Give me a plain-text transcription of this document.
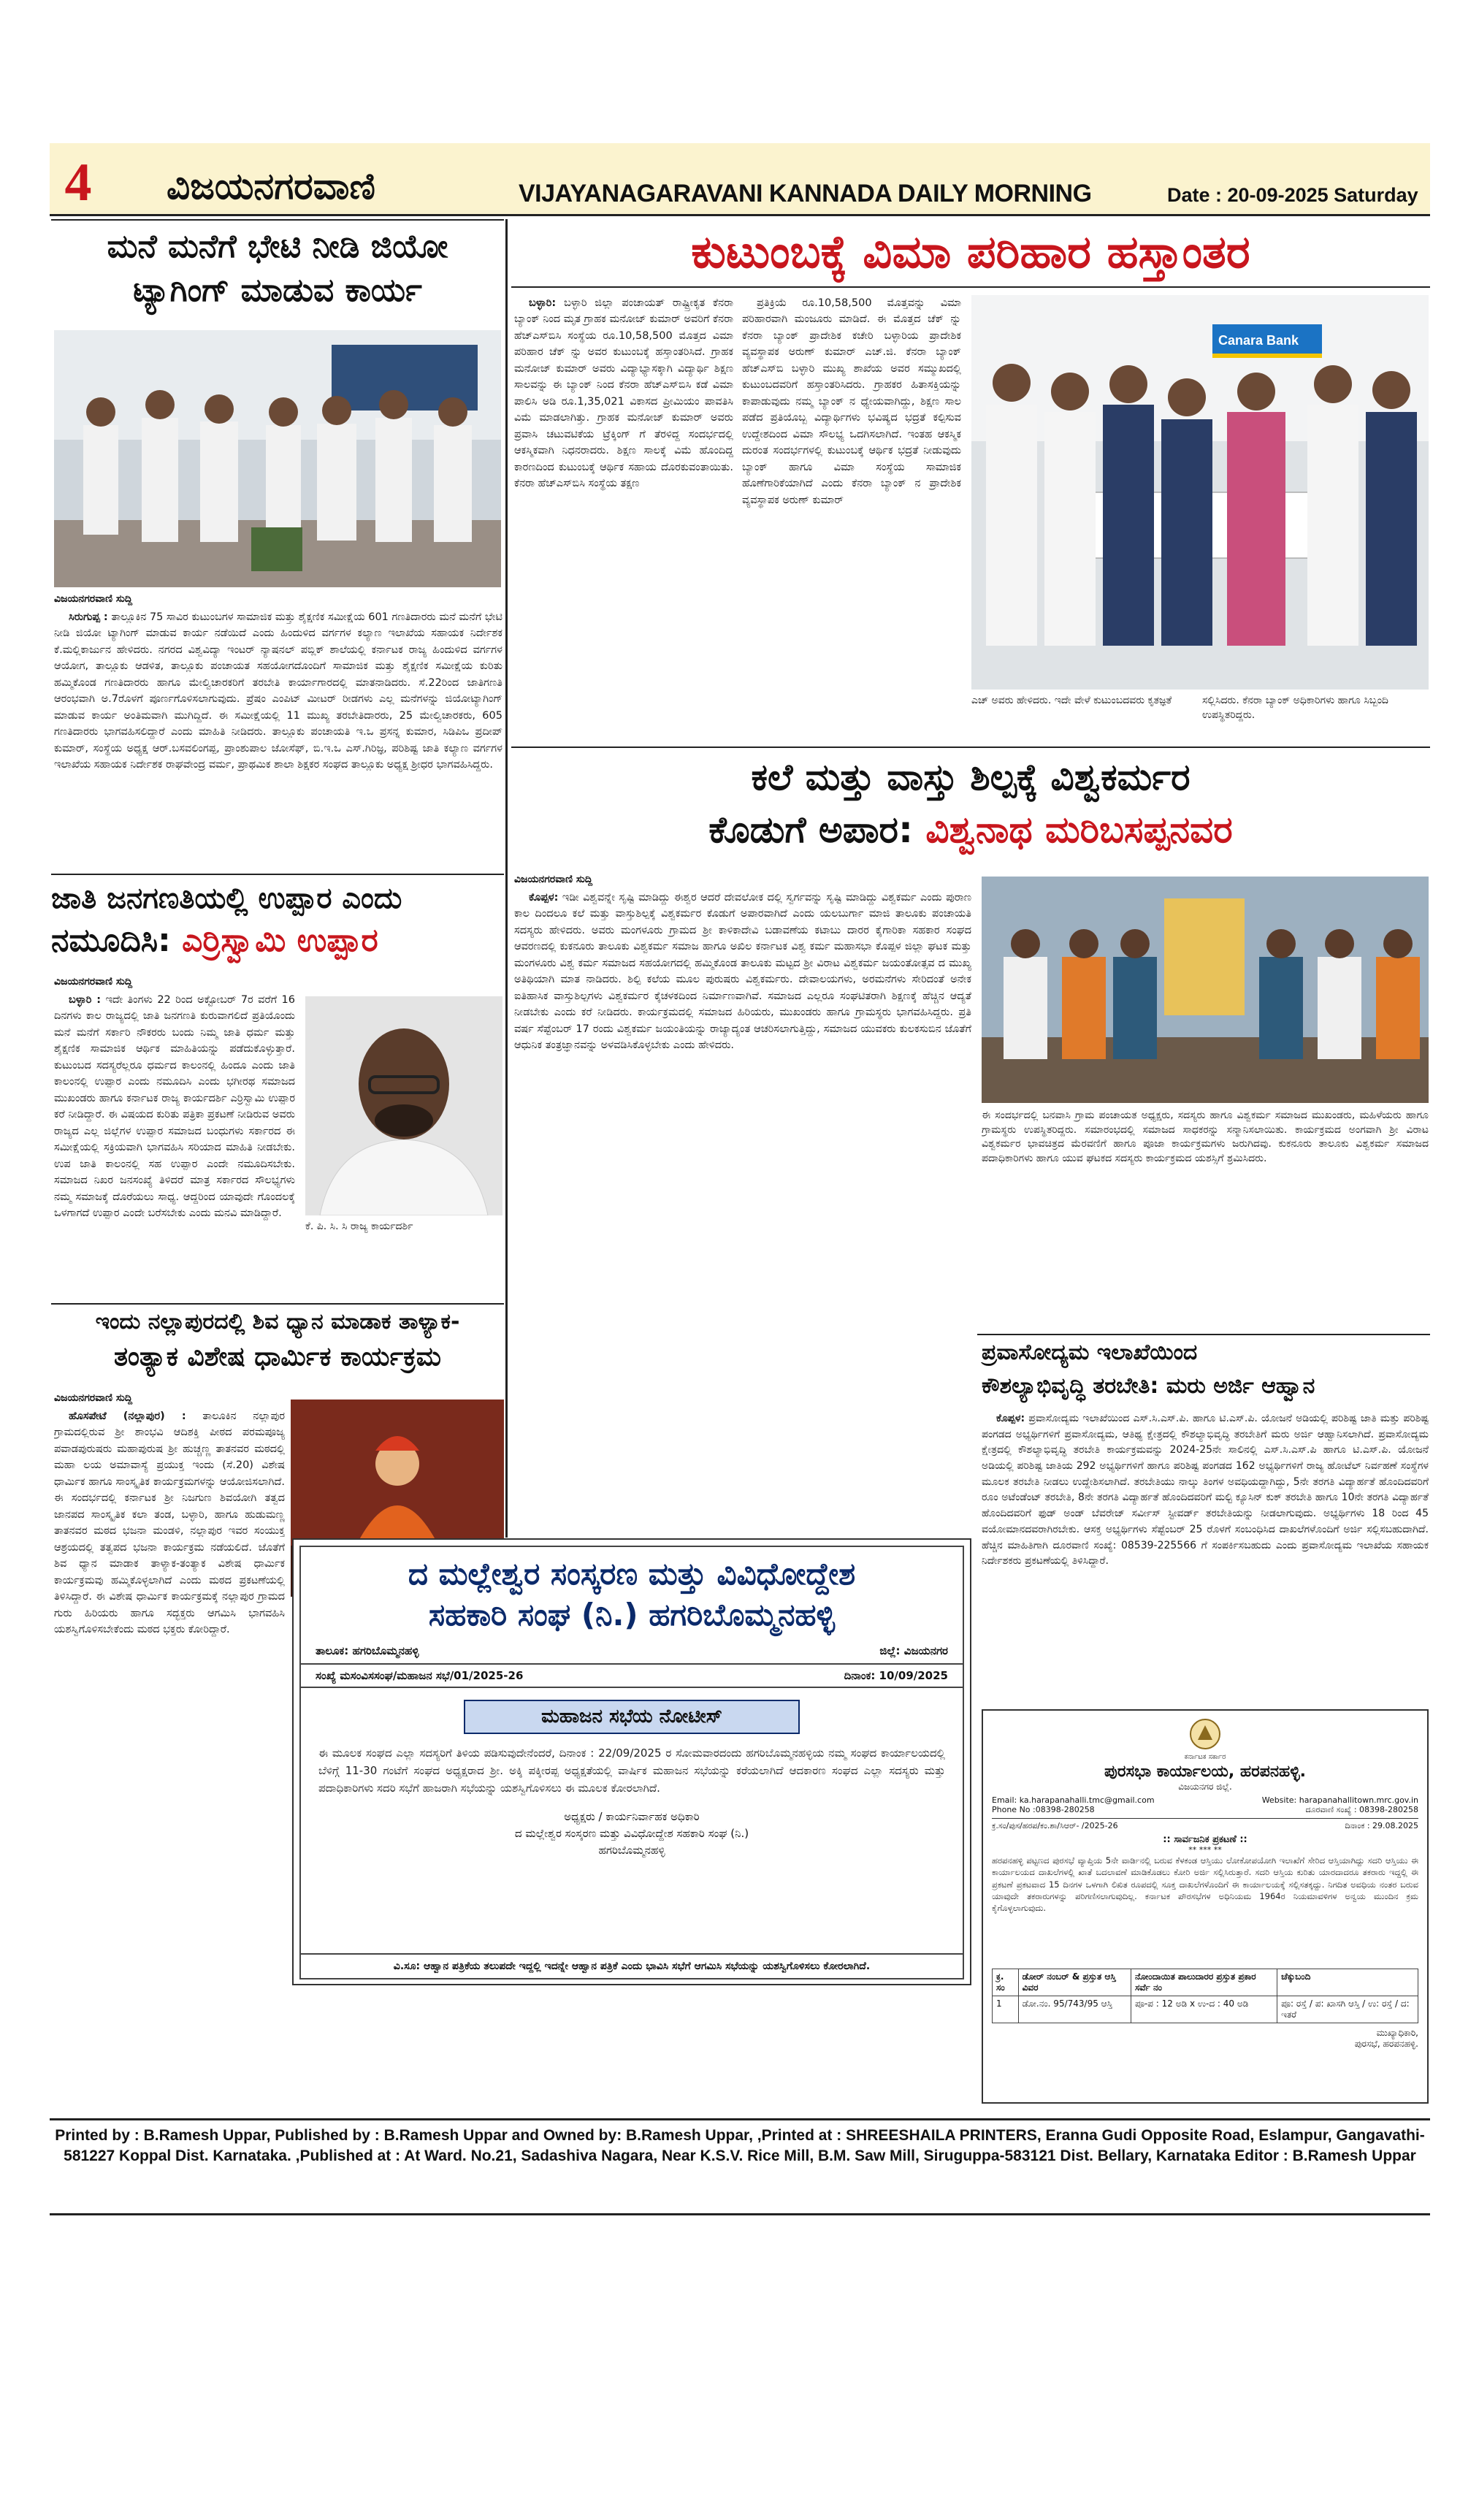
4	ವಿಜಯನಗರವಾಣಿ	VIJAYANAGARAVANI KANNADA DAILY MORNING	Date : 20-09-2025 Saturday
ಮನೆ ಮನೆಗೆ ಭೇಟಿ ನೀಡಿ ಜಿಯೋ
ಟ್ಯಾಗಿಂಗ್ ಮಾಡುವ ಕಾರ್ಯ
ವಿಜಯನಗರವಾಣಿ ಸುದ್ದಿ

ಸಿರುಗುಪ್ಪ : ತಾಲ್ಲೂಕಿನ 75 ಸಾವಿರ ಕುಟುಂಬಗಳ ಸಾಮಾಜಿಕ ಮತ್ತು ಶೈಕ್ಷಣಿಕ ಸಮೀಕ್ಷೆಯ 601 ಗಣತಿದಾರರು ಮನೆ ಮನೆಗೆ ಭೇಟಿ ನೀಡಿ ಜಿಯೋ ಟ್ಯಾಗಿಂಗ್ ಮಾಡುವ ಕಾರ್ಯ ನಡೆಯಿದೆ ಎಂದು ಹಿಂದುಳಿದ ವರ್ಗಗಳ ಕಲ್ಯಾಣ ಇಲಾಖೆಯ ಸಹಾಯಕ ನಿರ್ದೇಶಕ ಕೆ.ಮಲ್ಲಿಕಾರ್ಜುನ ಹೇಳಿದರು. ನಗರದ ವಿಶ್ವವಿದ್ಯಾ ಇಂಟರ್ ನ್ಯಾಷನಲ್ ಪಬ್ಲಿಕ್ ಶಾಲೆಯಲ್ಲಿ ಕರ್ನಾಟಕ ರಾಜ್ಯ ಹಿಂದುಳಿದ ವರ್ಗಗಳ ಆಯೋಗ, ತಾಲ್ಲೂಕು ಆಡಳಿತ, ತಾಲ್ಲೂಕು ಪಂಚಾಯತ ಸಹಯೋಗದೊಂದಿಗೆ ಸಾಮಾಜಿಕ ಮತ್ತು ಶೈಕ್ಷಣಿಕ ಸಮೀಕ್ಷೆಯ ಕುರಿತು ಹಮ್ಮಿಕೊಂಡ ಗಣತಿದಾರರು ಹಾಗೂ ಮೇಲ್ವಿಚಾರಕರಿಗೆ ತರಬೇತಿ ಕಾರ್ಯಾಗಾರದಲ್ಲಿ ಮಾತನಾಡಿದರು. ಸೆ.22ರಿಂದ ಜಾತಿಗಣತಿ ಆರಂಭವಾಗಿ ಅ.7ರೊಳಗೆ ಪೂರ್ಣಗೊಳಿಸಲಾಗುವುದು. ಪ್ರೆಷಂ ಎಂಪಿಟ್ ಮೀಟರ್ ರೀಡಗಳು ಎಲ್ಲ ಮನೆಗಳನ್ನು ಜಿಯೋಟ್ಯಾಗಿಂಗ್ ಮಾಡುವ ಕಾರ್ಯ ಅಂತಿಮವಾಗಿ ಮುಗಿದ್ದಿದೆ. ಈ ಸಮೀಕ್ಷೆಯಲ್ಲಿ 11 ಮುಖ್ಯ ತರಬೇತಿದಾರರು, 25 ಮೇಲ್ವಿಚಾರಕರು, 605 ಗಣತಿದಾರರು ಭಾಗವಹಿಸಲಿದ್ದಾರೆ ಎಂದು ಮಾಹಿತಿ ನೀಡಿದರು. ತಾಲ್ಲೂಕು ಪಂಚಾಯತಿ ಇ.ಒ ಪ್ರಸನ್ನ ಕುಮಾರ, ಸಿಡಿಪಿಒ ಪ್ರದೀಪ್ ಕುಮಾರ್, ಸಂಸ್ಥೆಯ ಅಧ್ಯಕ್ಷ ಆರ್.ಬಸವಲಿಂಗಪ್ಪ, ಪ್ರಾಂಶುಪಾಲ ಜೋಸೆಫ್, ಬಿ.ಇ.ಒ ಎಸ್.ಗಿರಿಜ್ಞ, ಪರಿಶಿಷ್ಟ ಜಾತಿ ಕಲ್ಯಾಣ ವರ್ಗಗಳ ಇಲಾಖೆಯ ಸಹಾಯಕ ನಿರ್ದೇಶಕ ರಾಘವೇಂದ್ರ ವರ್ಮ, ಪ್ರಾಥಮಿಕ ಶಾಲಾ ಶಿಕ್ಷಕರ ಸಂಘದ ತಾಲ್ಲೂಕು ಅಧ್ಯಕ್ಷ ಶ್ರೀಧರ ಭಾಗವಹಿಸಿದ್ದರು.

ಜಾತಿ ಜನಗಣತಿಯಲ್ಲಿ ಉಪ್ಪಾರ ಎಂದು
ನಮೂದಿಸಿ: ಎರ್ರಿಸ್ವಾಮಿ ಉಪ್ಪಾರ
ವಿಜಯನಗರವಾಣಿ ಸುದ್ದಿ

ಬಳ್ಳಾರಿ : ಇದೇ ತಿಂಗಳು 22 ರಿಂದ ಅಕ್ಟೋಬರ್ 7ರ ವರೆಗೆ 16 ದಿನಗಳು ಕಾಲ ರಾಜ್ಯದಲ್ಲಿ ಜಾತಿ ಜನಗಣತಿ ಕುರುವಾಗಲಿದೆ ಪ್ರತಿಯೊಂದು ಮನೆ ಮನೆಗೆ ಸರ್ಕಾರಿ ನೌಕರರು ಬಂದು ನಿಮ್ಮ ಜಾತಿ ಧರ್ಮ ಮತ್ತು ಶೈಕ್ಷಣಿಕ ಸಾಮಾಜಿಕ ಆರ್ಥಿಕ ಮಾಹಿತಿಯನ್ನು ಪಡೆದುಕೊಳ್ಳುತ್ತಾರೆ. ಕುಟುಂಬದ ಸದಸ್ಯರೆಲ್ಲರೂ ಧರ್ಮದ ಕಾಲಂನಲ್ಲಿ ಹಿಂದೂ ಎಂದು ಜಾತಿ ಕಾಲಂನಲ್ಲಿ ಉಪ್ಪಾರ ಎಂದು ನಮೂದಿಸಿ ಎಂದು ಭಗೀರಥ ಸಮಾಜದ ಮುಖಂಡರು ಹಾಗೂ ಕರ್ನಾಟಕ ರಾಜ್ಯ ಕಾರ್ಯದರ್ಶಿ ಎರ್ರಿಸ್ವಾಮಿ ಉಪ್ಪಾರ ಕರೆ ನೀಡಿದ್ದಾರೆ. ಈ ವಿಷಯದ ಕುರಿತು ಪತ್ರಿಕಾ ಪ್ರಕಟಣೆ ನೀಡಿರುವ ಅವರು ರಾಜ್ಯದ ಎಲ್ಲ ಜಿಲ್ಲೆಗಳ ಉಪ್ಪಾರ ಸಮಾಜದ ಬಂಧುಗಳು ಸರ್ಕಾರದ ಈ ಸಮೀಕ್ಷೆಯಲ್ಲಿ ಸಕ್ರಿಯವಾಗಿ ಭಾಗವಹಿಸಿ ಸರಿಯಾದ ಮಾಹಿತಿ ನೀಡಬೇಕು. ಉಪ ಜಾತಿ ಕಾಲಂನಲ್ಲಿ ಸಹ ಉಪ್ಪಾರ ಎಂದೇ ನಮೂದಿಸಬೇಕು. ಸಮಾಜದ ನಿಖರ ಜನಸಂಖ್ಯೆ ತಿಳಿದರೆ ಮಾತ್ರ ಸರ್ಕಾರದ ಸೌಲಭ್ಯಗಳು ನಮ್ಮ ಸಮಾಜಕ್ಕೆ ದೊರೆಯಲು ಸಾಧ್ಯ. ಆದ್ದರಿಂದ ಯಾವುದೇ ಗೊಂದಲಕ್ಕೆ ಒಳಗಾಗದೆ ಉಪ್ಪಾರ ಎಂದೇ ಬರೆಸಬೇಕು ಎಂದು ಮನವಿ ಮಾಡಿದ್ದಾರೆ.

ಕೆ. ಪಿ. ಸಿ. ಸಿ ರಾಜ್ಯ ಕಾರ್ಯದರ್ಶಿ
ಇಂದು ನಲ್ಲಾಪುರದಲ್ಲಿ ಶಿವ ಧ್ಯಾನ ಮಾಡಾಕ ತಾಳ್ಯಾಕ-
ತಂತ್ಯಾಕ ವಿಶೇಷ ಧಾರ್ಮಿಕ ಕಾರ್ಯಕ್ರಮ
ವಿಜಯನಗರವಾಣಿ ಸುದ್ದಿ

ಹೊಸಪೇಟೆ (ನಲ್ಲಾಪುರ) : ತಾಲೂಕಿನ ನಲ್ಲಾಪುರ ಗ್ರಾಮದಲ್ಲಿರುವ ಶ್ರೀ ಶಾಂಭವಿ ಆದಿಶಕ್ತಿ ಪೀಠದ ಪರಮಪೂಜ್ಯ ಪವಾಡಪುರುಷರು ಮಹಾಪುರುಷ ಶ್ರೀ ಹುಚ್ಚಣ್ಣ ತಾತನವರ ಮಠದಲ್ಲಿ ಮಹಾ ಲಯ ಅಮಾವಾಸ್ಯೆ ಪ್ರಯುಕ್ತ ಇಂದು (ಸೆ.20) ವಿಶೇಷ ಧಾರ್ಮಿಕ ಹಾಗೂ ಸಾಂಸ್ಕೃತಿಕ ಕಾರ್ಯಕ್ರಮಗಳನ್ನು ಆಯೋಜಿಸಲಾಗಿದೆ. ಈ ಸಂದರ್ಭದಲ್ಲಿ ಕರ್ನಾಟಕ ಶ್ರೀ ನಿಜಗುಣ ಶಿವಯೋಗಿ ತತ್ವದ ಜಾನಪದ ಸಾಂಸ್ಕೃತಿಕ ಕಲಾ ತಂಡ, ಬಳ್ಳಾರಿ, ಹಾಗೂ ಹುಡುಮಣ್ಣ ತಾತನವರ ಮಠದ ಭಜನಾ ಮಂಡಳಿ, ನಲ್ಲಾಪುರ ಇವರ ಸಂಯುಕ್ತ ಆಶ್ರಯದಲ್ಲಿ ತತ್ವಪದ ಭಜನಾ ಕಾರ್ಯಕ್ರಮ ನಡೆಯಲಿದೆ. ಜೊತೆಗೆ ಶಿವ ಧ್ಯಾನ ಮಾಡಾಕ ತಾಳ್ಯಾಕ-ತಂತ್ಯಾಕ ವಿಶೇಷ ಧಾರ್ಮಿಕ ಕಾರ್ಯಕ್ರಮವು ಹಮ್ಮಿಕೊಳ್ಳಲಾಗಿದೆ ಎಂದು ಮಠದ ಪ್ರಕಟಣೆಯಲ್ಲಿ ತಿಳಿಸಿದ್ದಾರೆ. ಈ ವಿಶೇಷ ಧಾರ್ಮಿಕ ಕಾರ್ಯಕ್ರಮಕ್ಕೆ ನಲ್ಲಾಪುರ ಗ್ರಾಮದ ಗುರು ಹಿರಿಯರು ಹಾಗೂ ಸದ್ಭಕ್ತರು ಆಗಮಿಸಿ ಭಾಗವಹಿಸಿ ಯಶಸ್ವಿಗೊಳಿಸಬೇಕೆಂದು ಮಠದ ಭಕ್ತರು ಕೋರಿದ್ದಾರೆ.

ಕುಟುಂಬಕ್ಕೆ ವಿಮಾ ಪರಿಹಾರ ಹಸ್ತಾಂತರ

ಬಳ್ಳಾರಿ: ಬಳ್ಳಾರಿ ಜಿಲ್ಲಾ ಪಂಚಾಯತ್ ರಾಷ್ಟ್ರೀಕೃತ ಕೆನರಾ ಬ್ಯಾಂಕ್ ನಿಂದ ಮೃತ ಗ್ರಾಹಕ ಮನೋಜ್ ಕುಮಾರ್ ಅವರಿಗೆ ಕೆನರಾ ಹೆಚ್‌ಎಸ್‌ಬಿಸಿ ಸಂಸ್ಥೆಯ ರೂ.10,58,500 ಮೊತ್ತದ ವಿಮಾ ಪರಿಹಾರ ಚೆಕ್ ನ್ನು ಅವರ ಕುಟುಂಬಕ್ಕೆ ಹಸ್ತಾಂತರಿಸಿದೆ. ಗ್ರಾಹಕ ಮನೋಜ್ ಕುಮಾರ್ ಅವರು ವಿದ್ಯಾಭ್ಯಾಸಕ್ಕಾಗಿ ವಿದ್ಯಾರ್ಥಿ ಶಿಕ್ಷಣ ಸಾಲವನ್ನು ಈ ಬ್ಯಾಂಕ್ ನಿಂದ ಕೆನರಾ ಹೆಚ್‌ಎಸ್‌ಬಿಸಿ ಕಡೆ ವಿಮಾ ಪಾಲಿಸಿ ಅಡಿ ರೂ.1,35,021 ವಿಕಾಸದ ಪ್ರೀಮಿಯಂ ಪಾವತಿಸಿ ವಿಮೆ ಮಾಡಲಾಗಿತ್ತು. ಗ್ರಾಹಕ ಮನೋಜ್ ಕುಮಾರ್ ಅವರು ಪ್ರವಾಸಿ ಚಟುವಟಿಕೆಯ ಟ್ರೆಕ್ಕಿಂಗ್ ಗೆ ತೆರಳಿದ್ದ ಸಂದರ್ಭದಲ್ಲಿ ಆಕಸ್ಮಿಕವಾಗಿ ನಿಧನರಾದರು. ಶಿಕ್ಷಣ ಸಾಲಕ್ಕೆ ವಿಮೆ ಹೊಂದಿದ್ದ ಕಾರಣದಿಂದ ಕುಟುಂಬಕ್ಕೆ ಆರ್ಥಿಕ ಸಹಾಯ ದೊರಕುವಂತಾಯಿತು. ಕೆನರಾ ಹೆಚ್‌ಎಸ್‌ಬಿಸಿ ಸಂಸ್ಥೆಯ ತಕ್ಷಣ

ಪ್ರತಿಕ್ರಿಯೆ ರೂ.10,58,500 ಮೊತ್ತವನ್ನು ವಿಮಾ ಪರಿಹಾರವಾಗಿ ಮಂಜೂರು ಮಾಡಿದೆ. ಈ ಮೊತ್ತದ ಚೆಕ್ ನ್ನು ಕೆನರಾ ಬ್ಯಾಂಕ್ ಪ್ರಾದೇಶಿಕ ಕಚೇರಿ ಬಳ್ಳಾರಿಯ ಪ್ರಾದೇಶಿಕ ವ್ಯವಸ್ಥಾಪಕ ಅರುಣ್ ಕುಮಾರ್ ಎಚ್.ಜಿ. ಕೆನರಾ ಬ್ಯಾಂಕ್ ಹೆಚ್‌ಎಸ್‌ಬಿ ಬಳ್ಳಾರಿ ಮುಖ್ಯ ಶಾಖೆಯ ಅವರ ಸಮ್ಮುಖದಲ್ಲಿ ಕುಟುಂಬದವರಿಗೆ ಹಸ್ತಾಂತರಿಸಿದರು. ಗ್ರಾಹಕರ ಹಿತಾಸಕ್ತಿಯನ್ನು ಕಾಪಾಡುವುದು ನಮ್ಮ ಬ್ಯಾಂಕ್ ನ ಧ್ಯೇಯವಾಗಿದ್ದು, ಶಿಕ್ಷಣ ಸಾಲ ಪಡೆದ ಪ್ರತಿಯೊಬ್ಬ ವಿದ್ಯಾರ್ಥಿಗಳು ಭವಿಷ್ಯದ ಭದ್ರತೆ ಕಲ್ಪಿಸುವ ಉದ್ದೇಶದಿಂದ ವಿಮಾ ಸೌಲಭ್ಯ ಒದಗಿಸಲಾಗಿದೆ. ಇಂತಹ ಆಕಸ್ಮಿಕ ದುರಂತ ಸಂದರ್ಭಗಳಲ್ಲಿ ಕುಟುಂಬಕ್ಕೆ ಆರ್ಥಿಕ ಭದ್ರತೆ ನೀಡುವುದು ಬ್ಯಾಂಕ್ ಹಾಗೂ ವಿಮಾ ಸಂಸ್ಥೆಯ ಸಾಮಾಜಿಕ ಹೊಣೆಗಾರಿಕೆಯಾಗಿದೆ ಎಂದು ಕೆನರಾ ಬ್ಯಾಂಕ್ ನ ಪ್ರಾದೇಶಿಕ ವ್ಯವಸ್ಥಾಪಕ ಅರುಣ್ ಕುಮಾರ್

Canara Bank
ಎಚ್ ಅವರು ಹೇಳಿದರು. ಇದೇ ವೇಳೆ ಕುಟುಂಬದವರು ಕೃತಜ್ಞತೆ	ಸಲ್ಲಿಸಿದರು. ಕೆನರಾ ಬ್ಯಾಂಕ್ ಅಧಿಕಾರಿಗಳು ಹಾಗೂ ಸಿಬ್ಬಂದಿ ಉಪಸ್ಥಿತರಿದ್ದರು.
ಕಲೆ ಮತ್ತು ವಾಸ್ತು ಶಿಲ್ಪಕ್ಕೆ ವಿಶ್ವಕರ್ಮರ
ಕೊಡುಗೆ ಅಪಾರ: ವಿಶ್ವನಾಥ ಮರಿಬಸಪ್ಪನವರ
ವಿಜಯನಗರವಾಣಿ ಸುದ್ದಿ

ಕೊಪ್ಪಳ: ಇಡೀ ವಿಶ್ವವನ್ನೇ ಸೃಷ್ಟಿ ಮಾಡಿದ್ದು ಈಶ್ವರ ಆದರೆ ದೇವಲೋಕ ದಲ್ಲಿ ಸ್ವರ್ಗವನ್ನು ಸೃಷ್ಟಿ ಮಾಡಿದ್ದು ವಿಶ್ವಕರ್ಮ ಎಂದು ಪುರಾಣ ಕಾಲ ದಿಂದಲೂ ಕಲೆ ಮತ್ತು ವಾಸ್ತುಶಿಲ್ಪಕ್ಕೆ ವಿಶ್ವಕರ್ಮರ ಕೊಡುಗೆ ಅಪಾರವಾಗಿದೆ ಎಂದು ಯಲಬುರ್ಗಾ ಮಾಜಿ ತಾಲೂಕು ಪಂಚಾಯತಿ ಸದಸ್ಯರು ಹೇಳಿದರು. ಅವರು ಮಂಗಳೂರು ಗ್ರಾಮದ ಶ್ರೀ ಕಾಳಿಕಾದೇವಿ ಬಡಾವಣೆಯ ಕಟಾಬು ದಾರರ ಕೈಗಾರಿಕಾ ಸಹಕಾರ ಸಂಘದ ಆವರಣದಲ್ಲಿ ಕುಕನೂರು ತಾಲೂಕು ವಿಶ್ವಕರ್ಮ ಸಮಾಜ ಹಾಗೂ ಅಖಿಲ ಕರ್ನಾಟಕ ವಿಶ್ವ ಕರ್ಮ ಮಹಾಸಭಾ ಕೊಪ್ಪಳ ಜಿಲ್ಲಾ ಘಟಕ ಮತ್ತು ಮಂಗಳೂರು ವಿಶ್ವ ಕರ್ಮ ಸಮಾಜದ ಸಹಯೋಗದಲ್ಲಿ ಹಮ್ಮಿಕೊಂಡ ತಾಲೂಕು ಮಟ್ಟದ ಶ್ರೀ ವಿರಾಟ ವಿಶ್ವಕರ್ಮ ಜಯಂತೋತ್ಸವ ದ ಮುಖ್ಯ ಅತಿಥಿಯಾಗಿ ಮಾತ ನಾಡಿದರು. ಶಿಲ್ಪಿ ಕಲೆಯ ಮೂಲ ಪುರುಷರು ವಿಶ್ವಕರ್ಮರು. ದೇವಾಲಯಗಳು, ಅರಮನೆಗಳು ಸೇರಿದಂತೆ ಅನೇಕ ಐತಿಹಾಸಿಕ ವಾಸ್ತುಶಿಲ್ಪಗಳು ವಿಶ್ವಕರ್ಮರ ಕೈಚಳಕದಿಂದ ನಿರ್ಮಾಣವಾಗಿವೆ. ಸಮಾಜದ ಎಲ್ಲರೂ ಸಂಘಟಿತರಾಗಿ ಶಿಕ್ಷಣಕ್ಕೆ ಹೆಚ್ಚಿನ ಆದ್ಯತೆ ನೀಡಬೇಕು ಎಂದು ಕರೆ ನೀಡಿದರು. ಕಾರ್ಯಕ್ರಮದಲ್ಲಿ ಸಮಾಜದ ಹಿರಿಯರು, ಮುಖಂಡರು ಹಾಗೂ ಗ್ರಾಮಸ್ಥರು ಭಾಗವಹಿಸಿದ್ದರು. ಪ್ರತಿ ವರ್ಷ ಸೆಪ್ಟೆಂಬರ್ 17 ರಂದು ವಿಶ್ವಕರ್ಮ ಜಯಂತಿಯನ್ನು ರಾಜ್ಯಾದ್ಯಂತ ಆಚರಿಸಲಾಗುತ್ತಿದ್ದು, ಸಮಾಜದ ಯುವಕರು ಕುಲಕಸುಬಿನ ಜೊತೆಗೆ ಆಧುನಿಕ ತಂತ್ರಜ್ಞಾನವನ್ನು ಅಳವಡಿಸಿಕೊಳ್ಳಬೇಕು ಎಂದು ಹೇಳಿದರು.

ಈ ಸಂದರ್ಭದಲ್ಲಿ ಬನವಾಸಿ ಗ್ರಾಮ ಪಂಚಾಯತ ಅಧ್ಯಕ್ಷರು, ಸದಸ್ಯರು ಹಾಗೂ ವಿಶ್ವಕರ್ಮ ಸಮಾಜದ ಮುಖಂಡರು, ಮಹಿಳೆಯರು ಹಾಗೂ ಗ್ರಾಮಸ್ಥರು ಉಪಸ್ಥಿತರಿದ್ದರು. ಸಮಾರಂಭದಲ್ಲಿ ಸಮಾಜದ ಸಾಧಕರನ್ನು ಸನ್ಮಾನಿಸಲಾಯಿತು. ಕಾರ್ಯಕ್ರಮದ ಅಂಗವಾಗಿ ಶ್ರೀ ವಿರಾಟ ವಿಶ್ವಕರ್ಮರ ಭಾವಚಿತ್ರದ ಮೆರವಣಿಗೆ ಹಾಗೂ ಪೂಜಾ ಕಾರ್ಯಕ್ರಮಗಳು ಜರುಗಿದವು. ಕುಕನೂರು ತಾಲೂಕು ವಿಶ್ವಕರ್ಮ ಸಮಾಜದ ಪದಾಧಿಕಾರಿಗಳು ಹಾಗೂ ಯುವ ಘಟಕದ ಸದಸ್ಯರು ಕಾರ್ಯಕ್ರಮದ ಯಶಸ್ಸಿಗೆ ಶ್ರಮಿಸಿದರು.
ಪ್ರವಾಸೋದ್ಯಮ ಇಲಾಖೆಯಿಂದ
ಕೌಶಲ್ಯಾಭಿವೃದ್ಧಿ ತರಬೇತಿ: ಮರು ಅರ್ಜಿ ಆಹ್ವಾನ

ಕೊಪ್ಪಳ: ಪ್ರವಾಸೋದ್ಯಮ ಇಲಾಖೆಯಿಂದ ಎಸ್.ಸಿ.ಎಸ್.ಪಿ. ಹಾಗೂ ಟಿ.ಎಸ್.ಪಿ. ಯೋಜನೆ ಅಡಿಯಲ್ಲಿ ಪರಿಶಿಷ್ಟ ಜಾತಿ ಮತ್ತು ಪರಿಶಿಷ್ಟ ಪಂಗಡದ ಅಭ್ಯರ್ಥಿಗಳಿಗೆ ಪ್ರವಾಸೋದ್ಯಮ, ಆತಿಥ್ಯ ಕ್ಷೇತ್ರದಲ್ಲಿ ಕೌಶಲ್ಯಾಭಿವೃದ್ಧಿ ತರಬೇತಿಗೆ ಮರು ಅರ್ಜಿ ಆಹ್ವಾನಿಸಲಾಗಿದೆ. ಪ್ರವಾಸೋದ್ಯಮ ಕ್ಷೇತ್ರದಲ್ಲಿ ಕೌಶಲ್ಯಾಭಿವೃದ್ಧಿ ತರಬೇತಿ ಕಾರ್ಯಕ್ರಮವನ್ನು 2024-25ನೇ ಸಾಲಿನಲ್ಲಿ ಎಸ್.ಸಿ.ಎಸ್.ಪಿ ಹಾಗೂ ಟಿ.ಎಸ್.ಪಿ. ಯೋಜನೆ ಅಡಿಯಲ್ಲಿ ಪರಿಶಿಷ್ಟ ಜಾತಿಯ 292 ಅಭ್ಯರ್ಥಿಗಳಿಗೆ ಹಾಗೂ ಪರಿಶಿಷ್ಟ ಪಂಗಡದ 162 ಅಭ್ಯರ್ಥಿಗಳಿಗೆ ರಾಜ್ಯ ಹೋಟೆಲ್ ನಿರ್ವಹಣೆ ಸಂಸ್ಥೆಗಳ ಮೂಲಕ ತರಬೇತಿ ನೀಡಲು ಉದ್ದೇಶಿಸಲಾಗಿದೆ. ತರಬೇತಿಯು ನಾಲ್ಕು ತಿಂಗಳ ಅವಧಿಯದ್ದಾಗಿದ್ದು, 5ನೇ ತರಗತಿ ವಿದ್ಯಾರ್ಹತೆ ಹೊಂದಿದವರಿಗೆ ರೂಂ ಅಟೆಂಡೆಂಟ್ ತರಬೇತಿ, 8ನೇ ತರಗತಿ ವಿದ್ಯಾರ್ಹತೆ ಹೊಂದಿದವರಿಗೆ ಮಲ್ಟಿ ಕ್ಯೂಸಿನ್ ಕುಕ್ ತರಬೇತಿ ಹಾಗೂ 10ನೇ ತರಗತಿ ವಿದ್ಯಾರ್ಹತೆ ಹೊಂದಿದವರಿಗೆ ಫುಡ್ ಅಂಡ್ ಬೆವರೇಜ್ ಸರ್ವೀಸ್ ಸ್ಟೀವರ್ಡ್ ತರಬೇತಿಯನ್ನು ನೀಡಲಾಗುವುದು. ಅಭ್ಯರ್ಥಿಗಳು 18 ರಿಂದ 45 ವಯೋಮಾನದವರಾಗಿರಬೇಕು. ಆಸಕ್ತ ಅಭ್ಯರ್ಥಿಗಳು ಸೆಪ್ಟೆಂಬರ್ 25 ರೊಳಗೆ ಸಂಬಂಧಿಸಿದ ದಾಖಲೆಗಳೊಂದಿಗೆ ಅರ್ಜಿ ಸಲ್ಲಿಸಬಹುದಾಗಿದೆ. ಹೆಚ್ಚಿನ ಮಾಹಿತಿಗಾಗಿ ದೂರವಾಣಿ ಸಂಖ್ಯೆ: 08539-225566 ಗೆ ಸಂಪರ್ಕಿಸಬಹುದು ಎಂದು ಪ್ರವಾಸೋದ್ಯಮ ಇಲಾಖೆಯ ಸಹಾಯಕ ನಿರ್ದೇಶಕರು ಪ್ರಕಟಣೆಯಲ್ಲಿ ತಿಳಿಸಿದ್ದಾರೆ.

ದ ಮಲ್ಲೇಶ್ವರ ಸಂಸ್ಕರಣ ಮತ್ತು ವಿವಿಧೋದ್ದೇಶ
ಸಹಕಾರಿ ಸಂಘ (ನಿ.) ಹಗರಿಬೊಮ್ಮನಹಳ್ಳಿ
ತಾಲೂಕ: ಹಗರಿಬೊಮ್ಮನಹಳ್ಳಿ	ಜಿಲ್ಲೆ: ವಿಜಯನಗರ
ಸಂಖ್ಯೆ ಮಸಂವಿಸಸಂಘ/ಮಹಾಜನ ಸಭೆ/01/2025-26	ದಿನಾಂಕ: 10/09/2025
ಮಹಾಜನ ಸಭೆಯ ನೋಟೀಸ್
ಈ ಮೂಲಕ ಸಂಘದ ಎಲ್ಲಾ ಸದಸ್ಯರಿಗೆ ತಿಳಿಯ ಪಡಿಸುವುದೇನೆಂದರೆ, ದಿನಾಂಕ : 22/09/2025 ರ ಸೋಮವಾರದಂದು ಹಗರಿಬೊಮ್ಮನಹಳ್ಳಿಯ ನಮ್ಮ ಸಂಘದ ಕಾರ್ಯಾಲಯದಲ್ಲಿ ಬೆಳಿಗ್ಗೆ 11-30 ಗಂಟೆಗೆ ಸಂಘದ ಅಧ್ಯಕ್ಷರಾದ ಶ್ರೀ. ಅಕ್ಕಿ ಪಕ್ಕೀರಪ್ಪ ಅಧ್ಯಕ್ಷತೆಯಲ್ಲಿ ವಾರ್ಷಿಕ ಮಹಾಜನ ಸಭೆಯನ್ನು ಕರೆಯಲಾಗಿದೆ ಆದಕಾರಣ ಸಂಘದ ಎಲ್ಲಾ ಸದಸ್ಯರು ಮತ್ತು ಪದಾಧಿಕಾರಿಗಳು ಸದರಿ ಸಭೆಗೆ ಹಾಜರಾಗಿ ಸಭೆಯನ್ನು ಯಶಸ್ವಿಗೊಳಿಸಲು ಈ ಮೂಲಕ ಕೋರಲಾಗಿದೆ.
ಅಧ್ಯಕ್ಷರು / ಕಾರ್ಯನಿರ್ವಾಹಕ ಅಧಿಕಾರಿ
ದ ಮಲ್ಲೇಶ್ವರ ಸಂಸ್ಕರಣ ಮತ್ತು ವಿವಿಧೋದ್ದೇಶ ಸಹಕಾರಿ ಸಂಘ (ನಿ.)
ಹಗರಿಬೊಮ್ಮನಹಳ್ಳಿ
ವಿ.ಸೂ: ಆಹ್ವಾನ ಪತ್ರಿಕೆಯ ತಲುಪದೇ ಇದ್ದಲ್ಲಿ ಇದನ್ನೇ ಆಹ್ವಾನ ಪತ್ರಿಕೆ ಎಂದು ಭಾವಿಸಿ ಸಭೆಗೆ ಆಗಮಿಸಿ ಸಭೆಯನ್ನು ಯಶಸ್ವಿಗೊಳಿಸಲು ಕೋರಲಾಗಿದೆ.
ಕರ್ನಾಟಕ ಸರ್ಕಾರ
ಪುರಸಭಾ ಕಾರ್ಯಾಲಯ, ಹರಪನಹಳ್ಳಿ.
ವಿಜಯನಗರ ಜಿಲ್ಲೆ.
Email: ka.harapanahalli.tmc@gmail.com
Phone No :08398-280258
Website: harapanahallitown.mrc.gov.in
ದೂರವಾಣಿ ಸಂಖ್ಯೆ : 08398-280258
ಕ್ರ.ಸಂ/ಪುಸ/ಹರಪ/ಕಂ.ಶಾ/ಸಿಆರ್- /2025-26	ದಿನಾಂಕ : 29.08.2025
:: ಸಾರ್ವಜನಿಕ ಪ್ರಕಟಣೆ ::
** *** **
ಹರಪನಹಳ್ಳಿ ಪಟ್ಟಣದ ಪುರಸಭೆ ವ್ಯಾಪ್ತಿಯ 5ನೇ ವಾರ್ಡಿನಲ್ಲಿ ಬರುವ ಕೆಳಕಂಡ ಆಸ್ತಿಯು ಲೋಕೋಪಯೋಗಿ ಇಲಾಖೆಗೆ ಸೇರಿದ ಆಸ್ತಿಯಾಗಿದ್ದು ಸದರಿ ಆಸ್ತಿಯು ಈ ಕಾರ್ಯಾಲಯದ ದಾಖಲೆಗಳಲ್ಲಿ ಖಾತೆ ಬದಲಾವಣೆ ಮಾಡಿಕೊಡಲು ಕೋರಿ ಅರ್ಜಿ ಸಲ್ಲಿಸಿರುತ್ತಾರೆ. ಸದರಿ ಆಸ್ತಿಯ ಕುರಿತು ಯಾರದಾದರೂ ತಕರಾರು ಇದ್ದಲ್ಲಿ ಈ ಪ್ರಕಟಣೆ ಪ್ರಕಟವಾದ 15 ದಿನಗಳ ಒಳಗಾಗಿ ಲಿಖಿತ ರೂಪದಲ್ಲಿ ಸೂಕ್ತ ದಾಖಲೆಗಳೊಂದಿಗೆ ಈ ಕಾರ್ಯಾಲಯಕ್ಕೆ ಸಲ್ಲಿಸತಕ್ಕದ್ದು. ನಿಗದಿತ ಅವಧಿಯ ನಂತರ ಬರುವ ಯಾವುದೇ ತಕರಾರುಗಳನ್ನು ಪರಿಗಣಿಸಲಾಗುವುದಿಲ್ಲ. ಕರ್ನಾಟಕ ಪೌರಸಭೆಗಳ ಅಧಿನಿಯಮ 1964ರ ನಿಯಮಾವಳಿಗಳ ಅನ್ವಯ ಮುಂದಿನ ಕ್ರಮ ಕೈಗೊಳ್ಳಲಾಗುವುದು.
ಕ್ರ. ಸಂ	ಡೋರ್ ನಂಬರ್ & ಪ್ರಸ್ತುತ ಆಸ್ತಿ ವಿವರ	ನೋಂದಾಯಿತ ಪಾಲುದಾರರ ಪ್ರಸ್ತುತ ಪ್ರಕಾರ ಸರ್ವೆ ನಂ	ಚೆಕ್ಕುಬಂದಿ
1	ಡೋ.ನಂ. 95/743/95 ಆಸ್ತಿ	ಪೂ-ಪ : 12 ಅಡಿ x ಉ-ದ : 40 ಅಡಿ	ಪೂ: ರಸ್ತೆ / ಪ: ಖಾಸಗಿ ಆಸ್ತಿ / ಉ: ರಸ್ತೆ / ದ: ಇತರೆ
ಮುಖ್ಯಾಧಿಕಾರಿ,
ಪುರಸಭೆ, ಹರಪನಹಳ್ಳಿ.
Printed by : B.Ramesh Uppar, Published by : B.Ramesh Uppar and Owned by: B.Ramesh Uppar, ,Printed at : SHREESHAILA PRINTERS, Eranna Gudi Opposite Road, Eslampur, Gangavathi-581227 Koppal Dist. Karnataka. ,Published at : At Ward. No.21, Sadashiva Nagara, Near K.S.V. Rice Mill, B.M. Saw Mill, Siruguppa-583121 Dist. Bellary, Karnataka Editor : B.Ramesh Uppar
